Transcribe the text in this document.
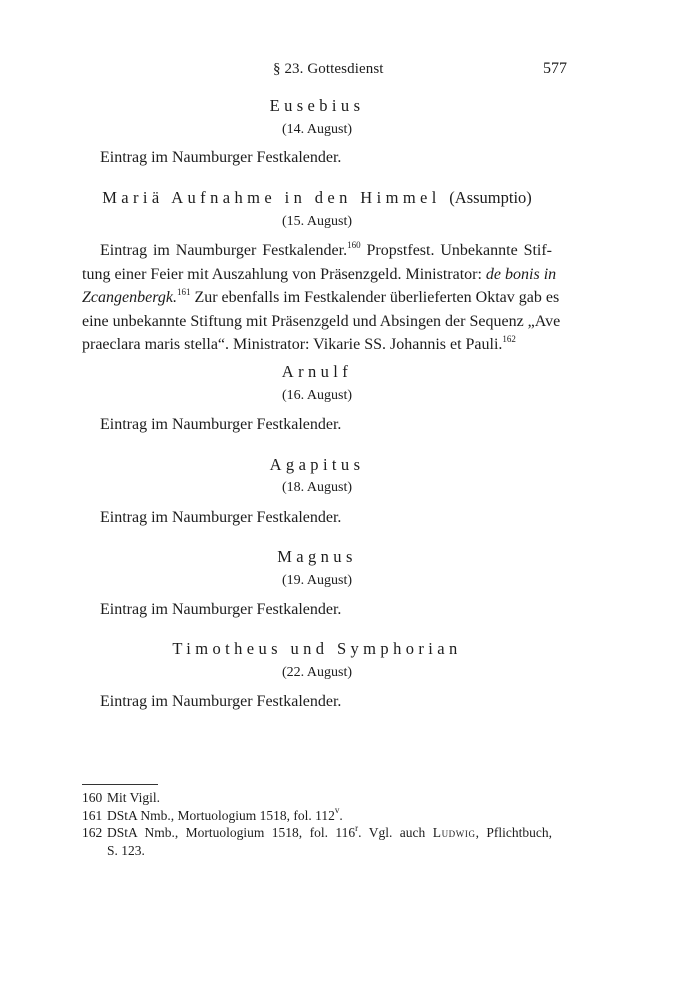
§ 23. Gottesdienst	577
Eusebius
(14. August)

Eintrag im Naumburger Festkalender.

Mariä Aufnahme in den Himmel (Assumptio)
(15. August)
Eintrag im Naumburger Festkalender.$^{160}$ Propstfest. Unbekannte Stif-
tung einer Feier mit Auszahlung von Präsenzgeld. Ministrator: de bonis in
Zcangenbergk.$^{161}$ Zur ebenfalls im Festkalender überlieferten Oktav gab es
eine unbekannte Stiftung mit Präsenzgeld und Absingen der Sequenz „Ave
praeclara maris stella“. Ministrator: Vikarie SS. Johannis et Pauli.$^{162}$
Arnulf
(16. August)

Eintrag im Naumburger Festkalender.

Agapitus
(18. August)

Eintrag im Naumburger Festkalender.

Magnus
(19. August)

Eintrag im Naumburger Festkalender.

Timotheus und Symphorian
(22. August)

Eintrag im Naumburger Festkalender.

160 Mit Vigil.
161 DStA Nmb., Mortuologium 1518, fol. 112$^v$.
162 DStA Nmb., Mortuologium 1518, fol. 116$^r$. Vgl. auch Ludwig, Pflichtbuch,
S. 123.
